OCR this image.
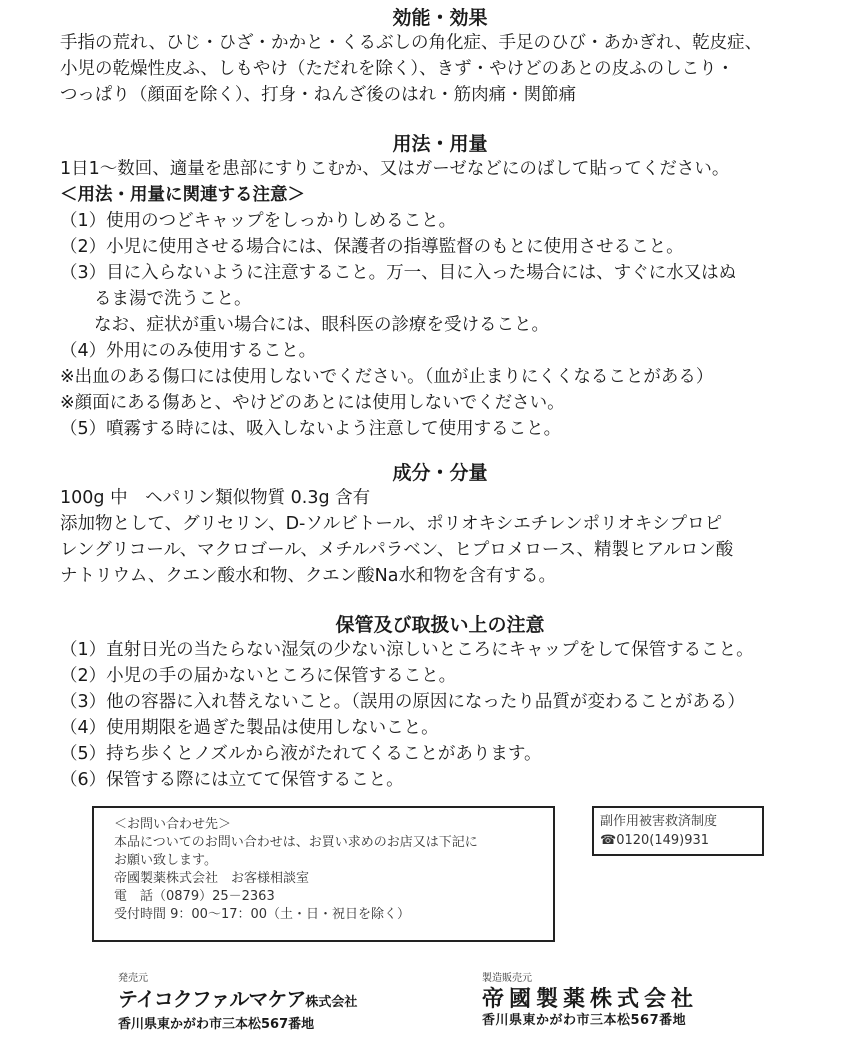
効能・効果

手指の荒れ、ひじ・ひざ・かかと・くるぶしの角化症、手足のひび・あかぎれ、乾皮症、

小児の乾燥性皮ふ、しもやけ（ただれを除く）、きず・やけどのあとの皮ふのしこり・

つっぱり（顔面を除く）、打身・ねんざ後のはれ・筋肉痛・関節痛

用法・用量

1日1～数回、適量を患部にすりこむか、又はガーゼなどにのばして貼ってください。

＜用法・用量に関連する注意＞

（1）使用のつどキャップをしっかりしめること。

（2）小児に使用させる場合には、保護者の指導監督のもとに使用させること。

（3）目に入らないように注意すること。万一、目に入った場合には、すぐに水又はぬ

るま湯で洗うこと。

なお、症状が重い場合には、眼科医の診療を受けること。

（4）外用にのみ使用すること。

※出血のある傷口には使用しないでください。（血が止まりにくくなることがある）

※顔面にある傷あと、やけどのあとには使用しないでください。

（5）噴霧する時には、吸入しないよう注意して使用すること。

成分・分量

100g 中　ヘパリン類似物質 0.3g 含有

添加物として、グリセリン、D-ソルビトール、ポリオキシエチレンポリオキシプロピ

レングリコール、マクロゴール、メチルパラベン、ヒプロメロース、精製ヒアルロン酸

ナトリウム、クエン酸水和物、クエン酸Na水和物を含有する。

保管及び取扱い上の注意

（1）直射日光の当たらない湿気の少ない涼しいところにキャップをして保管すること。

（2）小児の手の届かないところに保管すること。

（3）他の容器に入れ替えないこと。（誤用の原因になったり品質が変わることがある）

（4）使用期限を過ぎた製品は使用しないこと。

（5）持ち歩くとノズルから液がたれてくることがあります。

（6）保管する際には立てて保管すること。

＜お問い合わせ先＞
本品についてのお問い合わせは、お買い求めのお店又は下記に
お願い致します。
帝國製薬株式会社　お客様相談室
電　話（0879）25－2363
受付時間 9：00～17：00（土・日・祝日を除く）
副作用被害救済制度
☎0120(149)931
発売元
テイコクファルマケア株式会社
香川県東かがわ市三本松567番地
製造販売元
帝國製薬株式会社
香川県東かがわ市三本松567番地
